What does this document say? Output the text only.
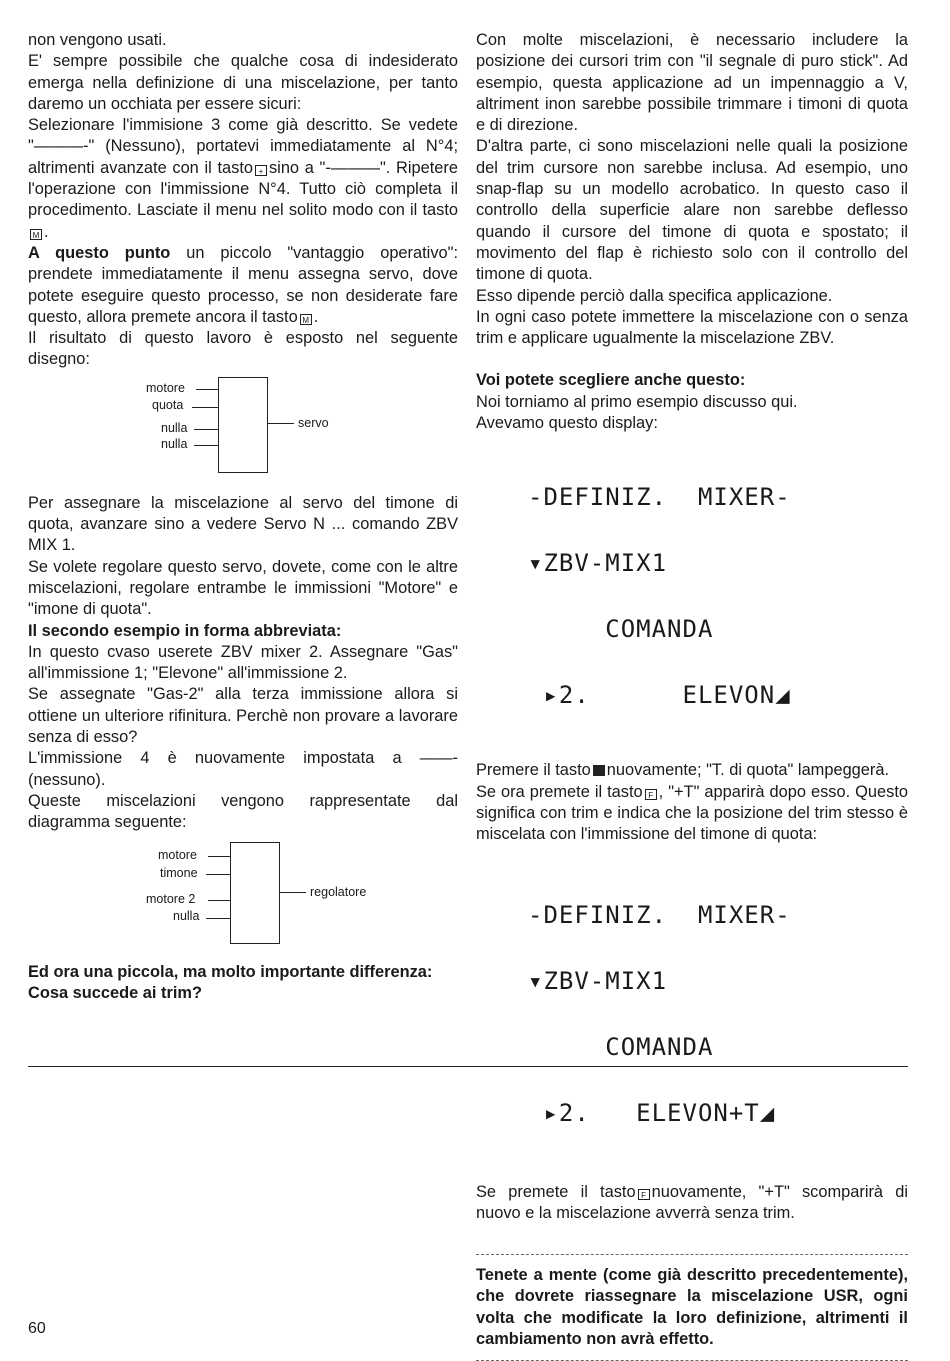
non vengono usati.

E' sempre possibile che qualche cosa di indesiderato emerga nella definizione di una miscelazione, per tanto daremo un occhiata per essere sicuri:

Selezionare l'immisione 3 come già descritto. Se vedete "———-" (Nessuno), portatevi immediatamente al N°4; altrimenti avanzate con il tasto + sino a "-———". Ripetere l'operazione con l'immissione N°4. Tutto ciò completa il procedimento. Lasciate il menu nel solito modo con il tastoM .

A questo punto un piccolo "vantaggio operativo": prendete immediatamente il menu assegna servo, dove potete eseguire questo processo, se non desiderate fare questo, allora premete ancora il tasto M .

Il risultato di questo lavoro è esposto nel seguente disegno:

motore
quota
nulla
nulla
servo

Per assegnare la miscelazione al servo del timone di quota, avanzare sino a vedere Servo N ... comando ZBV MIX 1.

Se volete regolare questo servo, dovete, come con le altre miscelazioni, regolare entrambe le immissioni "Motore" e "imone di quota".

Il secondo esempio in forma abbreviata:

In questo cvaso userete ZBV mixer 2. Assegnare "Gas" all'immissione 1; "Elevone" all'immissione 2.

Se assegnate "Gas-2" alla terza immissione allora si ottiene un ulteriore rifinitura. Perchè non provare a lavorare senza di esso?

L'immissione 4 è nuovamente impostata a ——- (nessuno).

Queste miscelazioni vengono rappresentate dal diagramma seguente:

motore
timone
motore 2
nulla
regolatore

Ed ora una piccola, ma molto importante differenza:

Cosa succede ai trim?

Con molte miscelazioni, è necessario includere la posizione dei cursori trim con "il segnale di puro stick". Ad esempio, questa applicazione ad un impennaggio a V, altriment inon sarebbe possibile trimmare i timoni di quota e di direzione.

D'altra parte, ci sono miscelazioni nelle quali la posizione del trim cursore non sarebbe inclusa. Ad esempio, uno snap-flap su un modello acrobatico. In questo caso il controllo della superficie alare non sarebbe deflesso quando il cursore del timone di quota e spostato; il movimento del flap è richiesto solo con il controllo del timone di quota.

Esso dipende perciò dalla specifica applicazione.

In ogni caso potete immettere la miscelazione con o senza trim e applicare ugualmente la miscelazione ZBV.

Voi potete scegliere anche questo:

Noi torniamo al primo esempio discusso qui.

Avevamo questo display:

-DEFINIZ.  MIXER-

▾ZBV-MIX1

COMANDA

▸2.      ELEVON◢

Premere il tasto nuovamente; "T. di quota" lampeggerà.

Se ora premete il tasto F , "+T" apparirà dopo esso. Questo significa con trim e indica che la posizione del trim stesso è miscelata con l'immissione del timone di quota:

-DEFINIZ.  MIXER-

▾ZBV-MIX1

COMANDA

▸2.   ELEVON+T◢

Se premete il tasto F nuovamente, "+T" scomparirà di nuovo e la miscelazione avverrà senza trim.

Tenete a mente (come già descritto precedentemente), che dovrete riassegnare la miscelazione USR, ogni volta che modificate la loro definizione, altrimenti il cambiamento non avrà effetto.

60
